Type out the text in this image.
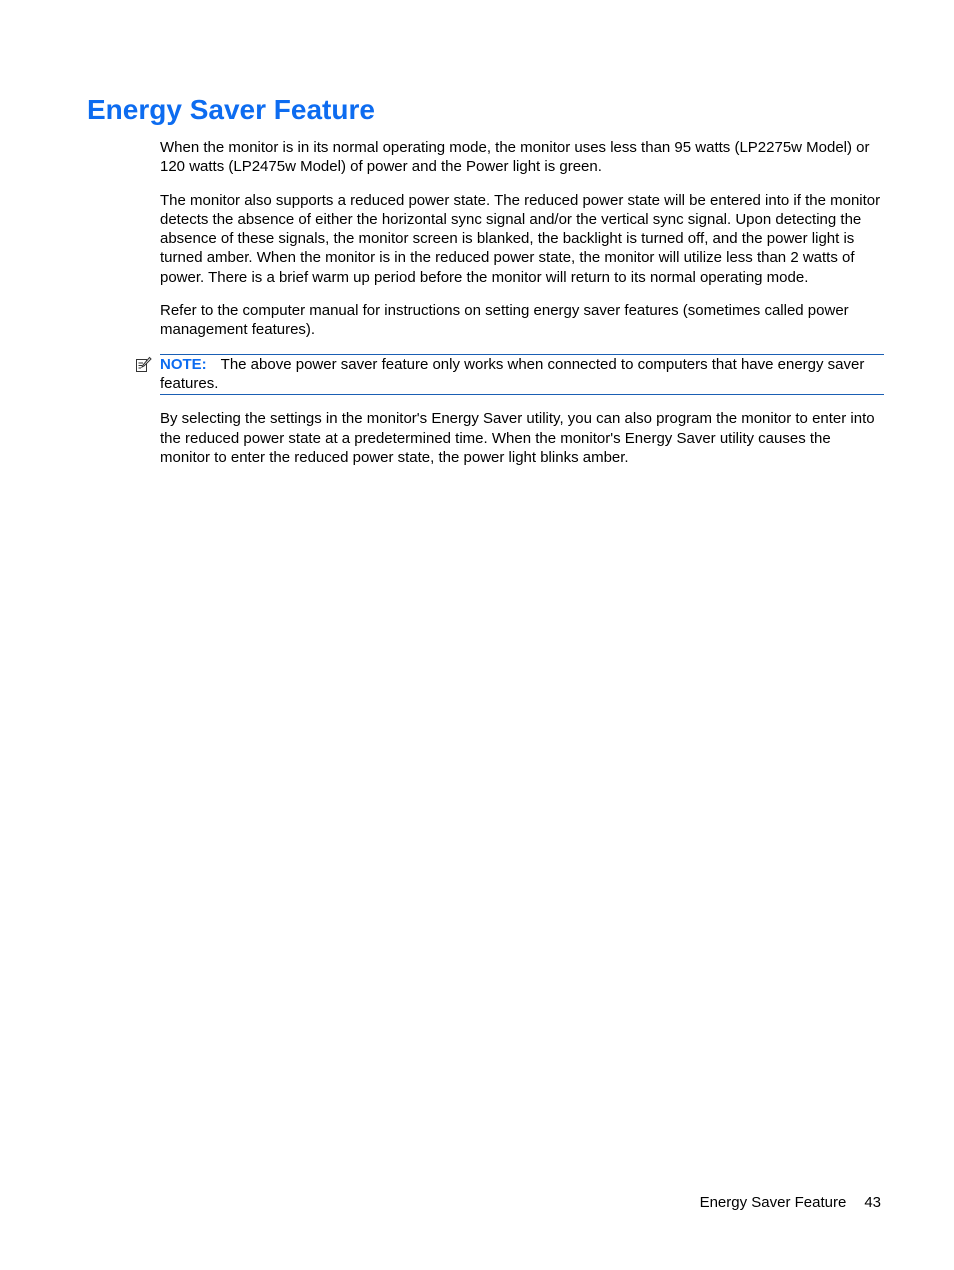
Energy Saver Feature

When the monitor is in its normal operating mode, the monitor uses less than 95 watts (LP2275w Model) or 120 watts (LP2475w Model) of power and the Power light is green.

The monitor also supports a reduced power state. The reduced power state will be entered into if the monitor detects the absence of either the horizontal sync signal and/or the vertical sync signal. Upon detecting the absence of these signals, the monitor screen is blanked, the backlight is turned off, and the power light is turned amber. When the monitor is in the reduced power state, the monitor will utilize less than 2 watts of power. There is a brief warm up period before the monitor will return to its normal operating mode.

Refer to the computer manual for instructions on setting energy saver features (sometimes called power management features).

NOTE: The above power saver feature only works when connected to computers that have energy saver features.

By selecting the settings in the monitor's Energy Saver utility, you can also program the monitor to enter into the reduced power state at a predetermined time. When the monitor's Energy Saver utility causes the monitor to enter the reduced power state, the power light blinks amber.

Energy Saver Feature 43
